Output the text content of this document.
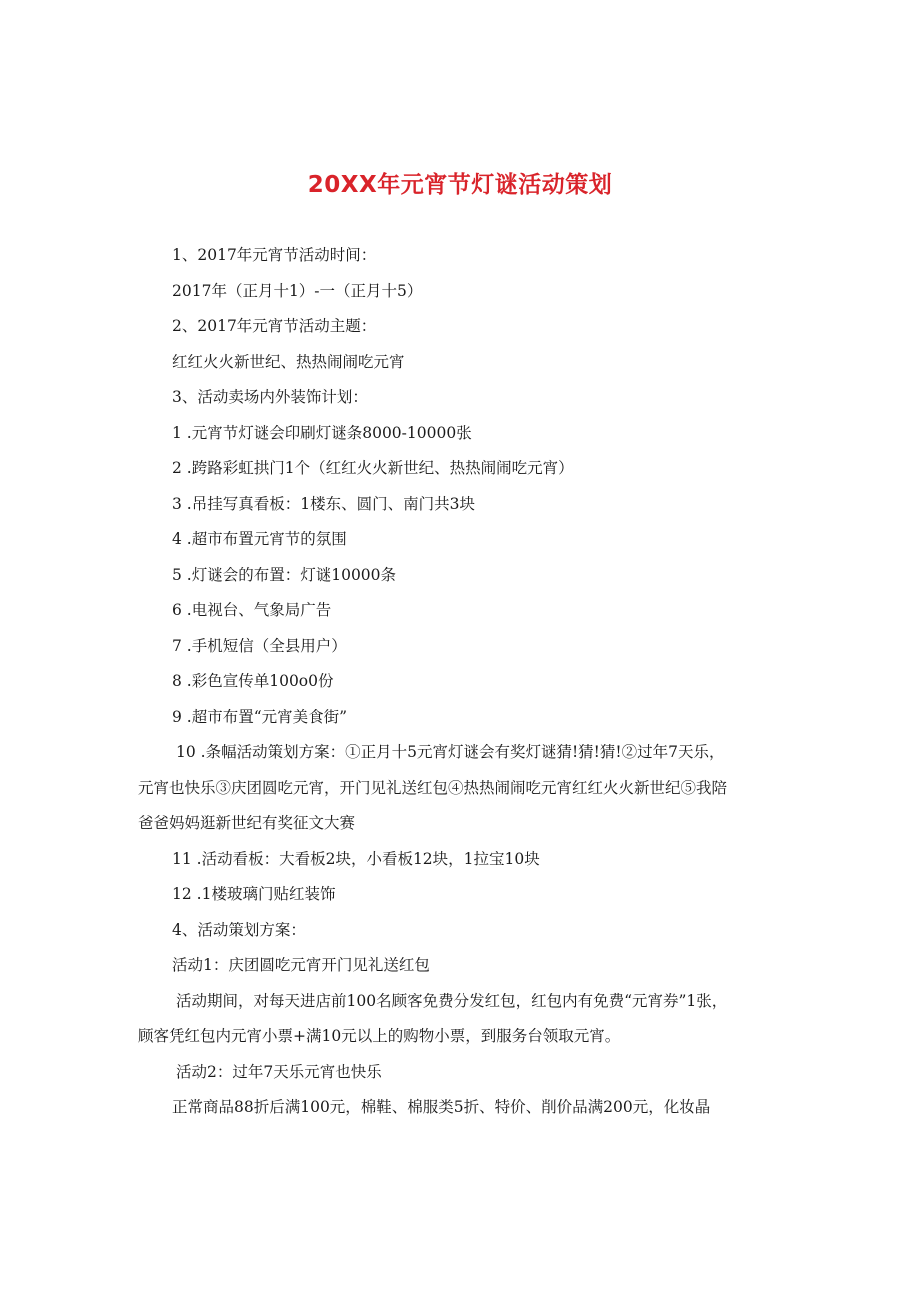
20XX年元宵节灯谜活动策划
1、2017年元宵节活动时间：
2017年（正月十1）-一（正月十5）
2、2017年元宵节活动主题：
红红火火新世纪、热热闹闹吃元宵
3、活动卖场内外装饰计划：
1 .元宵节灯谜会印刷灯谜条8000-10000张
2 .跨路彩虹拱门1个（红红火火新世纪、热热闹闹吃元宵）
3 .吊挂写真看板：1楼东、圆门、南门共3块
4 .超市布置元宵节的氛围
5 .灯谜会的布置：灯谜10000条
6 .电视台、气象局广告
7 .手机短信（全县用户）
8 .彩色宣传单100o0份
9 .超市布置“元宵美食街”
10 .条幅活动策划方案：①正月十5元宵灯谜会有奖灯谜猜!猜!猜!②过年7天乐，
元宵也快乐③庆团圆吃元宵，开门见礼送红包④热热闹闹吃元宵红红火火新世纪⑤我陪
爸爸妈妈逛新世纪有奖征文大赛
11 .活动看板：大看板2块，小看板12块，1拉宝10块
12 .1楼玻璃门贴红装饰
4、活动策划方案：
活动1：庆团圆吃元宵开门见礼送红包
活动期间，对每天进店前100名顾客免费分发红包，红包内有免费“元宵券”1张，
顾客凭红包内元宵小票+满10元以上的购物小票，到服务台领取元宵。
活动2：过年7天乐元宵也快乐
正常商品88折后满100元，棉鞋、棉服类5折、特价、削价品满200元，化妆晶
